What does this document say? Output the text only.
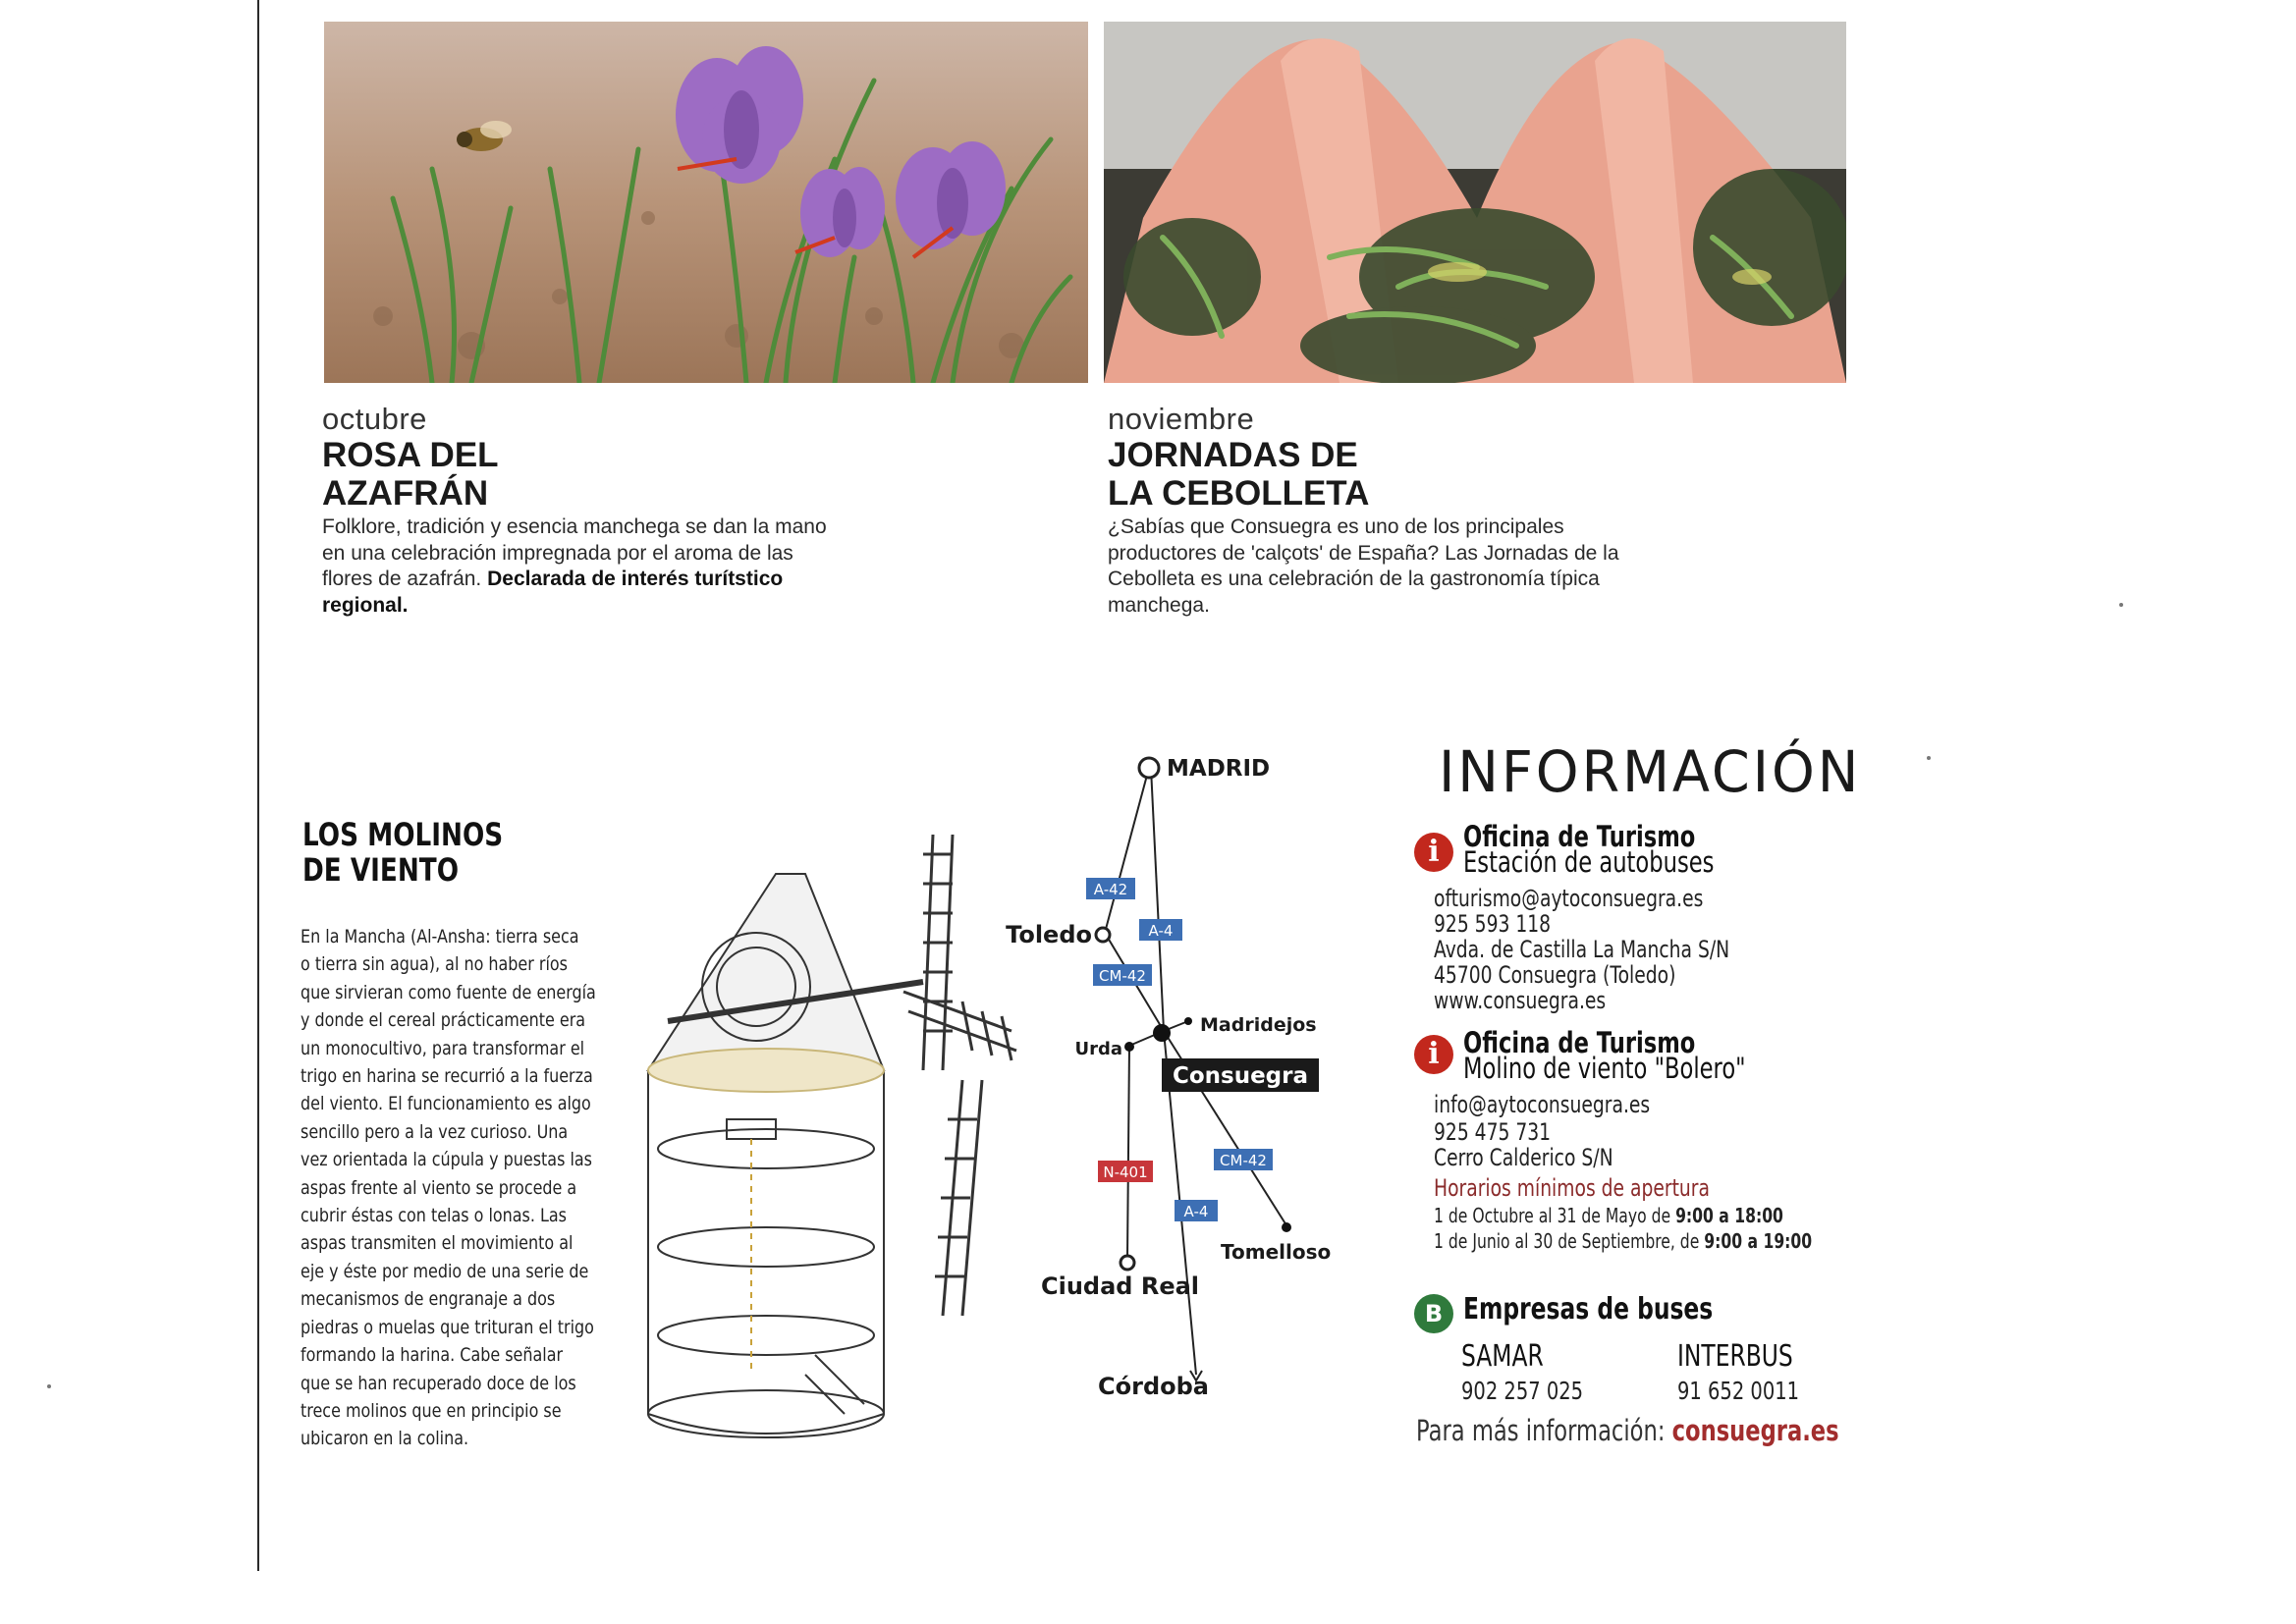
octubre
ROSA DEL
AZAFRÁN

Folklore, tradición y esencia manchega se dan la mano en una celebración impregnada por el aroma de las flores de azafrán. Declarada de interés turítstico regional.

noviembre
JORNADAS DE
LA CEBOLLETA

¿Sabías que Consuegra es uno de los principales productores de 'calçots' de España? Las Jornadas de la Cebolleta es una celebración de la gastronomía típica manchega.

LOS MOLINOS
DE VIENTO
En la Mancha (Al-Ansha: tierra seca
o tierra sin agua), al no haber ríos
que sirvieran como fuente de energía
y donde el cereal prácticamente era
un monocultivo, para transformar el
trigo en harina se recurrió a la fuerza
del viento. El funcionamiento es algo
sencillo pero a la vez curioso. Una
vez orientada la cúpula y puestas las
aspas frente al viento se procede a
cubrir éstas con telas o lonas. Las
aspas transmiten el movimiento al
eje y éste por medio de una serie de
mecanismos de engranaje a dos
piedras o muelas que trituran el trigo
formando la harina. Cabe señalar
que se han recuperado doce de los
trece molinos que en principio se
ubicaron en la colina.
MADRID
Toledo
Madridejos
Urda
Consuegra
Ciudad Real
Tomelloso
Córdoba
A-42
A-4
CM-42
N-401
CM-42
A-4
INFORMACIÓN
i Oficina de Turismo
Estación de autobuses
ofturismo@aytoconsuegra.es
925 593 118
Avda. de Castilla La Mancha S/N
45700 Consuegra (Toledo)
www.consuegra.es
i Oficina de Turismo
Molino de viento "Bolero"
info@aytoconsuegra.es
925 475 731
Cerro Calderico S/N
Horarios mínimos de apertura
1 de Octubre al 31 de Mayo de 9:00 a 18:00
1 de Junio al 30 de Septiembre, de 9:00 a 19:00
B Empresas de buses
SAMAR
902 257 025
INTERBUS
91 652 0011
Para más información: consuegra.es
